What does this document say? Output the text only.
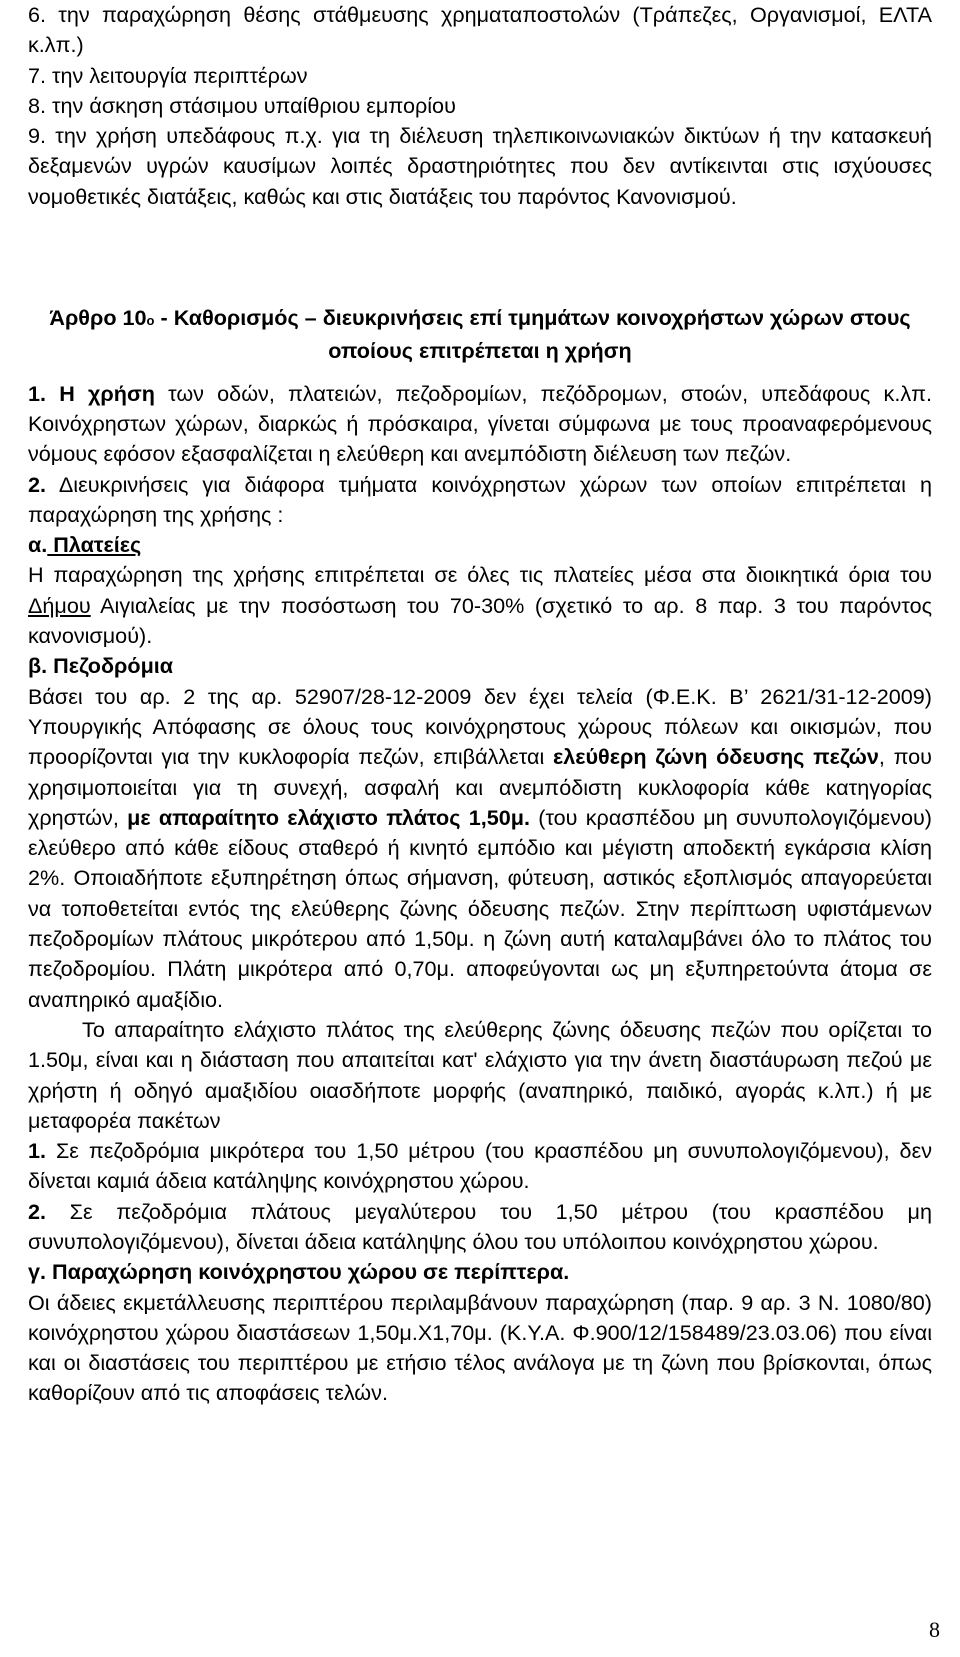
6. την παραχώρηση θέσης στάθμευσης χρηματαποστολών (Τράπεζες, Οργανισμοί, ΕΛΤΑ κ.λπ.)

7. την λειτουργία περιπτέρων

8. την άσκηση στάσιμου υπαίθριου εμπορίου

9. την χρήση υπεδάφους π.χ. για τη διέλευση τηλεπικοινωνιακών δικτύων ή την κατασκευή δεξαμενών υγρών καυσίμων λοιπές δραστηριότητες που δεν αντίκεινται στις ισχύουσες νομοθετικές διατάξεις, καθώς και στις διατάξεις του παρόντος Κανονισμού.

Άρθρο 10ο - Καθορισμός – διευκρινήσεις επί τμημάτων κοινοχρήστων χώρων στους οποίους επιτρέπεται η χρήση

1. Η χρήση των οδών, πλατειών, πεζοδρομίων, πεζόδρομων, στοών, υπεδάφους κ.λπ. Κοινόχρηστων χώρων, διαρκώς ή πρόσκαιρα, γίνεται σύμφωνα με τους προαναφερόμενους νόμους εφόσον εξασφαλίζεται η ελεύθερη και ανεμπόδιστη διέλευση των πεζών.

2. Διευκρινήσεις για διάφορα τμήματα κοινόχρηστων χώρων των οποίων επιτρέπεται η παραχώρηση της χρήσης :

α. Πλατείες

Η παραχώρηση της χρήσης επιτρέπεται σε όλες τις πλατείες μέσα στα διοικητικά όρια του Δήμου Αιγιαλείας με την ποσόστωση του 70-30% (σχετικό το αρ. 8 παρ. 3 του παρόντος κανονισμού).

β. Πεζοδρόμια

Βάσει του αρ. 2 της αρ. 52907/28-12-2009 δεν έχει τελεία (Φ.Ε.Κ. Β’ 2621/31-12-2009) Υπουργικής Απόφασης σε όλους τους κοινόχρηστους χώρους πόλεων και οικισμών, που προορίζονται για την κυκλοφορία πεζών, επιβάλλεται ελεύθερη ζώνη όδευσης πεζών, που χρησιμοποιείται για τη συνεχή, ασφαλή και ανεμπόδιστη κυκλοφορία κάθε κατηγορίας χρηστών, με απαραίτητο ελάχιστο πλάτος 1,50μ. (του κρασπέδου μη συνυπολογιζόμενου) ελεύθερο από κάθε είδους σταθερό ή κινητό εμπόδιο και μέγιστη αποδεκτή εγκάρσια κλίση 2%. Οποιαδήποτε εξυπηρέτηση όπως σήμανση, φύτευση, αστικός εξοπλισμός απαγορεύεται να τοποθετείται εντός της ελεύθερης ζώνης όδευσης πεζών. Στην περίπτωση υφιστάμενων πεζοδρομίων πλάτους μικρότερου από 1,50μ. η ζώνη αυτή καταλαμβάνει όλο το πλάτος του πεζοδρομίου. Πλάτη μικρότερα από 0,70μ. αποφεύγονται ως μη εξυπηρετούντα άτομα σε αναπηρικό αμαξίδιο.

Το απαραίτητο ελάχιστο πλάτος της ελεύθερης ζώνης όδευσης πεζών που ορίζεται το 1.50μ, είναι και η διάσταση που απαιτείται κατ' ελάχιστο για την άνετη διαστάυρωση πεζού με χρήστη ή οδηγό αμαξιδίου οιασδήποτε μορφής (αναπηρικό, παιδικό, αγοράς κ.λπ.) ή με μεταφορέα πακέτων

1. Σε πεζοδρόμια μικρότερα του 1,50 μέτρου (του κρασπέδου μη συνυπολογιζόμενου), δεν δίνεται καμιά άδεια κατάληψης κοινόχρηστου χώρου.

2. Σε πεζοδρόμια πλάτους μεγαλύτερου του 1,50 μέτρου (του κρασπέδου μη συνυπολογιζόμενου), δίνεται άδεια κατάληψης όλου του υπόλοιπου κοινόχρηστου χώρου.

γ. Παραχώρηση κοινόχρηστου χώρου σε περίπτερα.

Οι άδειες εκμετάλλευσης περιπτέρου περιλαμβάνουν παραχώρηση (παρ. 9 αρ. 3 Ν. 1080/80) κοινόχρηστου χώρου διαστάσεων 1,50μ.Χ1,70μ. (Κ.Υ.Α. Φ.900/12/158489/23.03.06) που είναι και οι διαστάσεις του περιπτέρου με ετήσιο τέλος ανάλογα με τη ζώνη που βρίσκονται, όπως καθορίζουν από τις αποφάσεις τελών.

8
